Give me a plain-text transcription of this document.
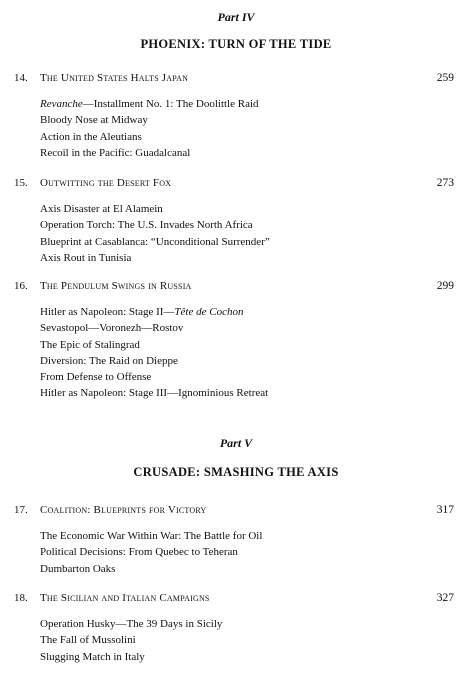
Part IV
PHOENIX: TURN OF THE TIDE
14. The United States Halts Japan	259
Revanche—Installment No. 1: The Doolittle Raid
Bloody Nose at Midway
Action in the Aleutians
Recoil in the Pacific: Guadalcanal
15. Outwitting the Desert Fox	273
Axis Disaster at El Alamein
Operation Torch: The U.S. Invades North Africa
Blueprint at Casablanca: “Unconditional Surrender”
Axis Rout in Tunisia
16. The Pendulum Swings in Russia	299
Hitler as Napoleon: Stage II—Tête de Cochon
Sevastopol—Voronezh—Rostov
The Epic of Stalingrad
Diversion: The Raid on Dieppe
From Defense to Offense
Hitler as Napoleon: Stage III—Ignominious Retreat
Part V
CRUSADE: SMASHING THE AXIS
17. Coalition: Blueprints for Victory	317
The Economic War Within War: The Battle for Oil
Political Decisions: From Quebec to Teheran
Dumbarton Oaks
18. The Sicilian and Italian Campaigns	327
Operation Husky—The 39 Days in Sicily
The Fall of Mussolini
Slugging Match in Italy
